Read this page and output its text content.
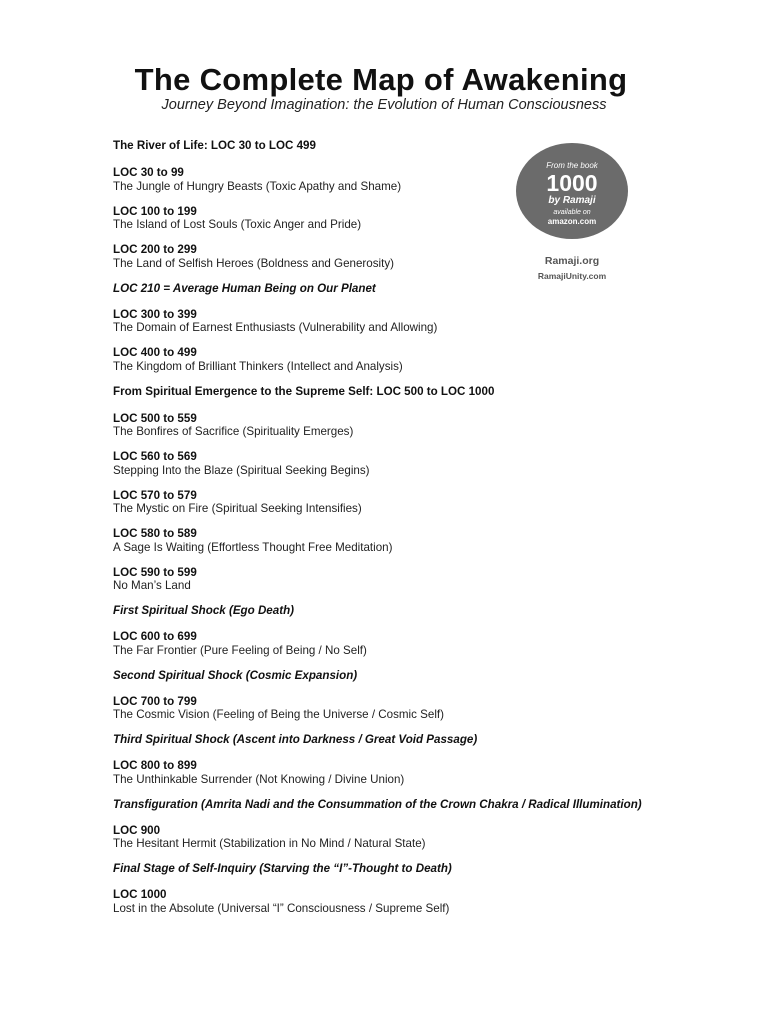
The Complete Map of Awakening
Journey Beyond Imagination: the Evolution of Human Consciousness
From the book
1000
by Ramaji
available on
amazon.com
Ramaji.org
RamajiUnity.com
The River of Life: LOC 30 to LOC 499
LOC 30 to 99
The Jungle of Hungry Beasts (Toxic Apathy and Shame)
LOC 100 to 199
The Island of Lost Souls (Toxic Anger and Pride)
LOC 200 to 299
The Land of Selfish Heroes (Boldness and Generosity)
LOC 210 = Average Human Being on Our Planet
LOC 300 to 399
The Domain of Earnest Enthusiasts (Vulnerability and Allowing)
LOC 400 to 499
The Kingdom of Brilliant Thinkers (Intellect and Analysis)
From Spiritual Emergence to the Supreme Self: LOC 500 to LOC 1000
LOC 500 to 559
The Bonfires of Sacrifice (Spirituality Emerges)
LOC 560 to 569
Stepping Into the Blaze (Spiritual Seeking Begins)
LOC 570 to 579
The Mystic on Fire (Spiritual Seeking Intensifies)
LOC 580 to 589
A Sage Is Waiting (Effortless Thought Free Meditation)
LOC 590 to 599
No Man’s Land
First Spiritual Shock (Ego Death)
LOC 600 to 699
The Far Frontier (Pure Feeling of Being / No Self)
Second Spiritual Shock (Cosmic Expansion)
LOC 700 to 799
The Cosmic Vision (Feeling of Being the Universe / Cosmic Self)
Third Spiritual Shock (Ascent into Darkness / Great Void Passage)
LOC 800 to 899
The Unthinkable Surrender (Not Knowing / Divine Union)
Transfiguration (Amrita Nadi and the Consummation of the Crown Chakra / Radical Illumination)
LOC 900
The Hesitant Hermit (Stabilization in No Mind / Natural State)
Final Stage of Self-Inquiry (Starving the “I”-Thought to Death)
LOC 1000
Lost in the Absolute (Universal “I” Consciousness / Supreme Self)
